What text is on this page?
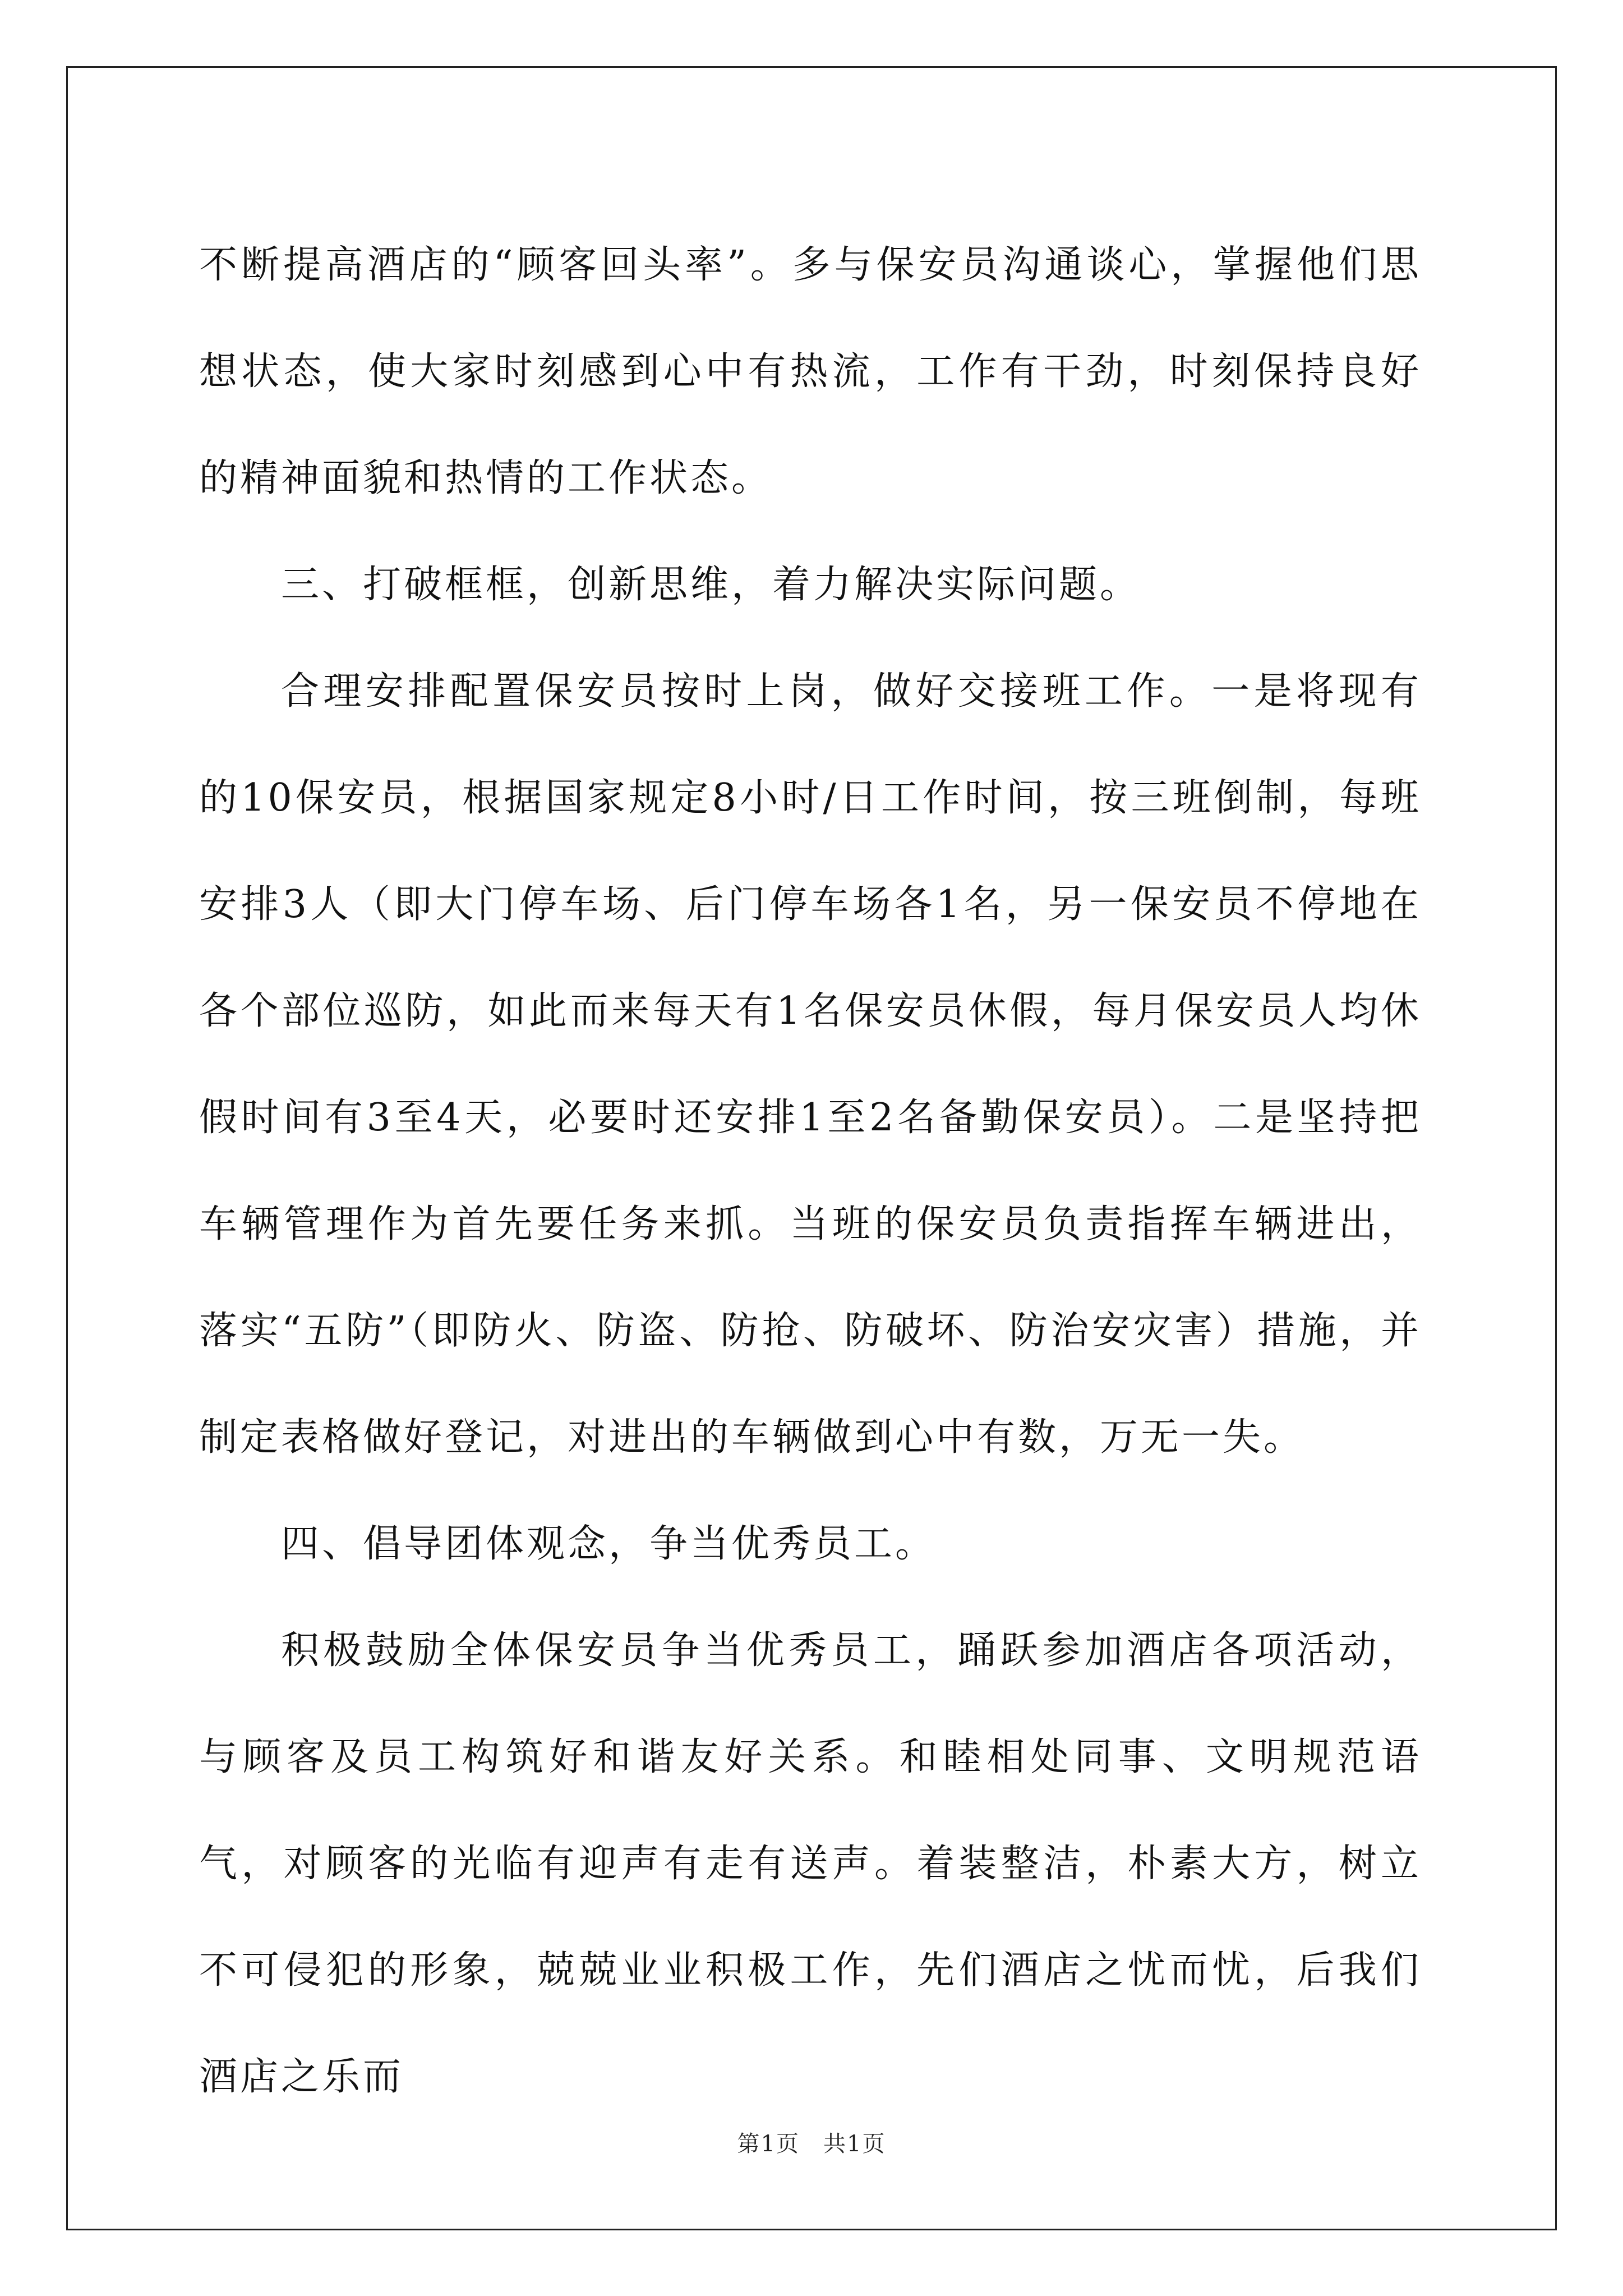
不断提高酒店的“顾客回头率”。多与保安员沟通谈心，掌握他们思想状态，使大家时刻感到心中有热流，工作有干劲，时刻保持良好的精神面貌和热情的工作状态。

三、打破框框，创新思维，着力解决实际问题。

合理安排配置保安员按时上岗，做好交接班工作。一是将现有的10保安员，根据国家规定8小时/日工作时间，按三班倒制，每班安排3人（即大门停车场、后门停车场各1名，另一保安员不停地在各个部位巡防，如此而来每天有1名保安员休假，每月保安员人均休假时间有3至4天，必要时还安排1至2名备勤保安员）。二是坚持把车辆管理作为首先要任务来抓。当班的保安员负责指挥车辆进出，落实“五防”（即防火、防盗、防抢、防破坏、防治安灾害）措施，并制定表格做好登记，对进出的车辆做到心中有数，万无一失。

四、倡导团体观念，争当优秀员工。

积极鼓励全体保安员争当优秀员工，踊跃参加酒店各项活动，与顾客及员工构筑好和谐友好关系。和睦相处同事、文明规范语气，对顾客的光临有迎声有走有送声。着装整洁，朴素大方，树立不可侵犯的形象，兢兢业业积极工作，先们酒店之忧而忧，后我们酒店之乐而

第1页　共1页
